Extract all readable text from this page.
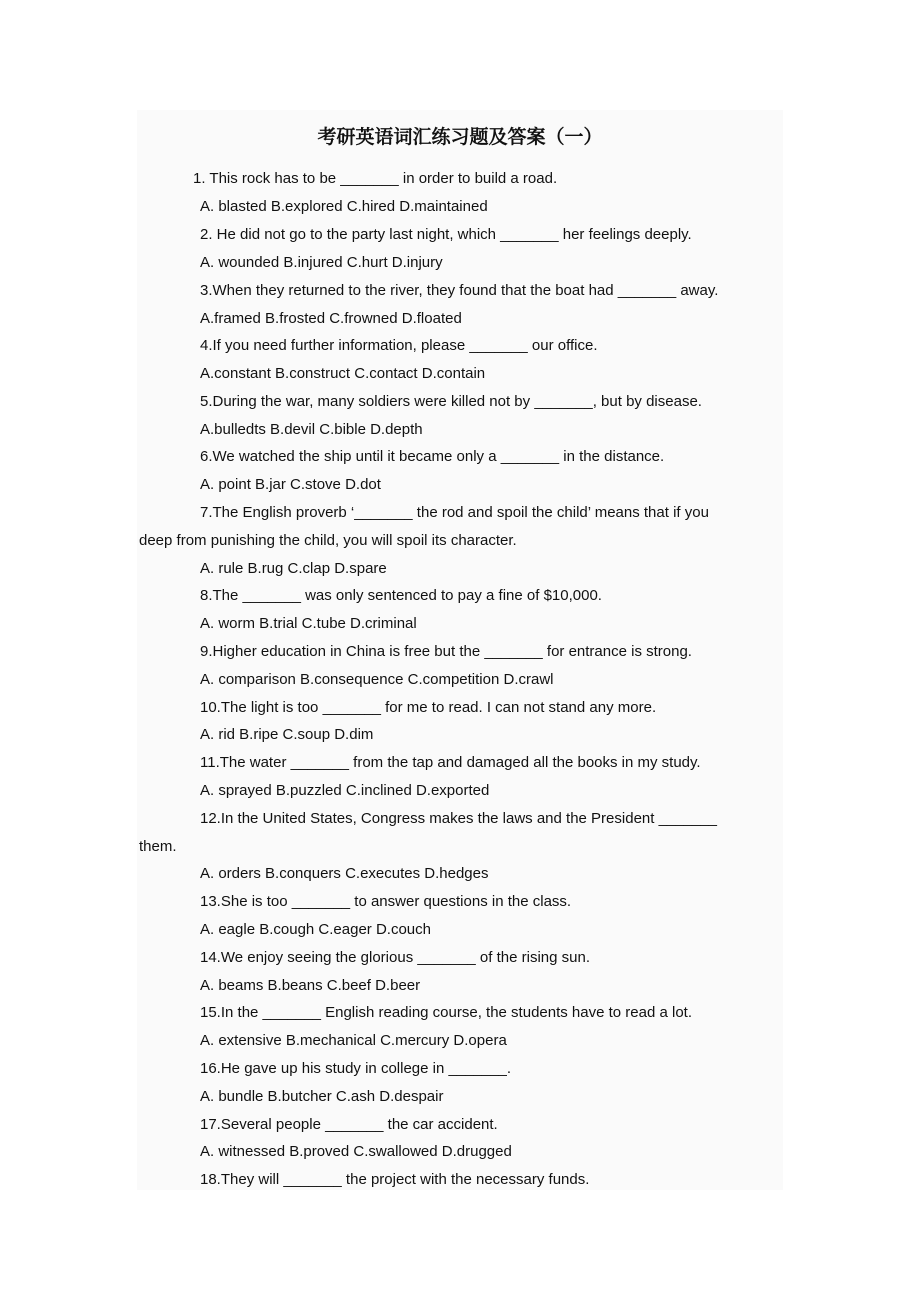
考研英语词汇练习题及答案（一）
1. This rock has to be _______ in order to build a road.
A. blasted B.explored C.hired D.maintained
2. He did not go to the party last night, which _______ her feelings deeply.
A. wounded B.injured C.hurt D.injury
3.When they returned to the river, they found that the boat had _______ away.
A.framed B.frosted C.frowned D.floated
4.If you need further information, please _______ our office.
A.constant B.construct C.contact D.contain
5.During the war, many soldiers were killed not by _______, but by disease.
A.bulledts B.devil C.bible D.depth
6.We watched the ship until it became only a _______ in the distance.
A. point B.jar C.stove D.dot
7.The English proverb ‘_______ the rod and spoil the child’ means that if you
deep from punishing the child, you will spoil its character.
A. rule B.rug C.clap D.spare
8.The _______ was only sentenced to pay a fine of $10,000.
A. worm B.trial C.tube D.criminal
9.Higher education in China is free but the _______ for entrance is strong.
A. comparison B.consequence C.competition D.crawl
10.The light is too _______ for me to read. I can not stand any more.
A. rid B.ripe C.soup D.dim
11.The water _______ from the tap and damaged all the books in my study.
A. sprayed B.puzzled C.inclined D.exported
12.In the United States, Congress makes the laws and the President _______
them.
A. orders B.conquers C.executes D.hedges
13.She is too _______ to answer questions in the class.
A. eagle B.cough C.eager D.couch
14.We enjoy seeing the glorious _______ of the rising sun.
A. beams B.beans C.beef D.beer
15.In the _______ English reading course, the students have to read a lot.
A. extensive B.mechanical C.mercury D.opera
16.He gave up his study in college in _______.
A. bundle B.butcher C.ash D.despair
17.Several people _______ the car accident.
A. witnessed B.proved C.swallowed D.drugged
18.They will _______ the project with the necessary funds.
